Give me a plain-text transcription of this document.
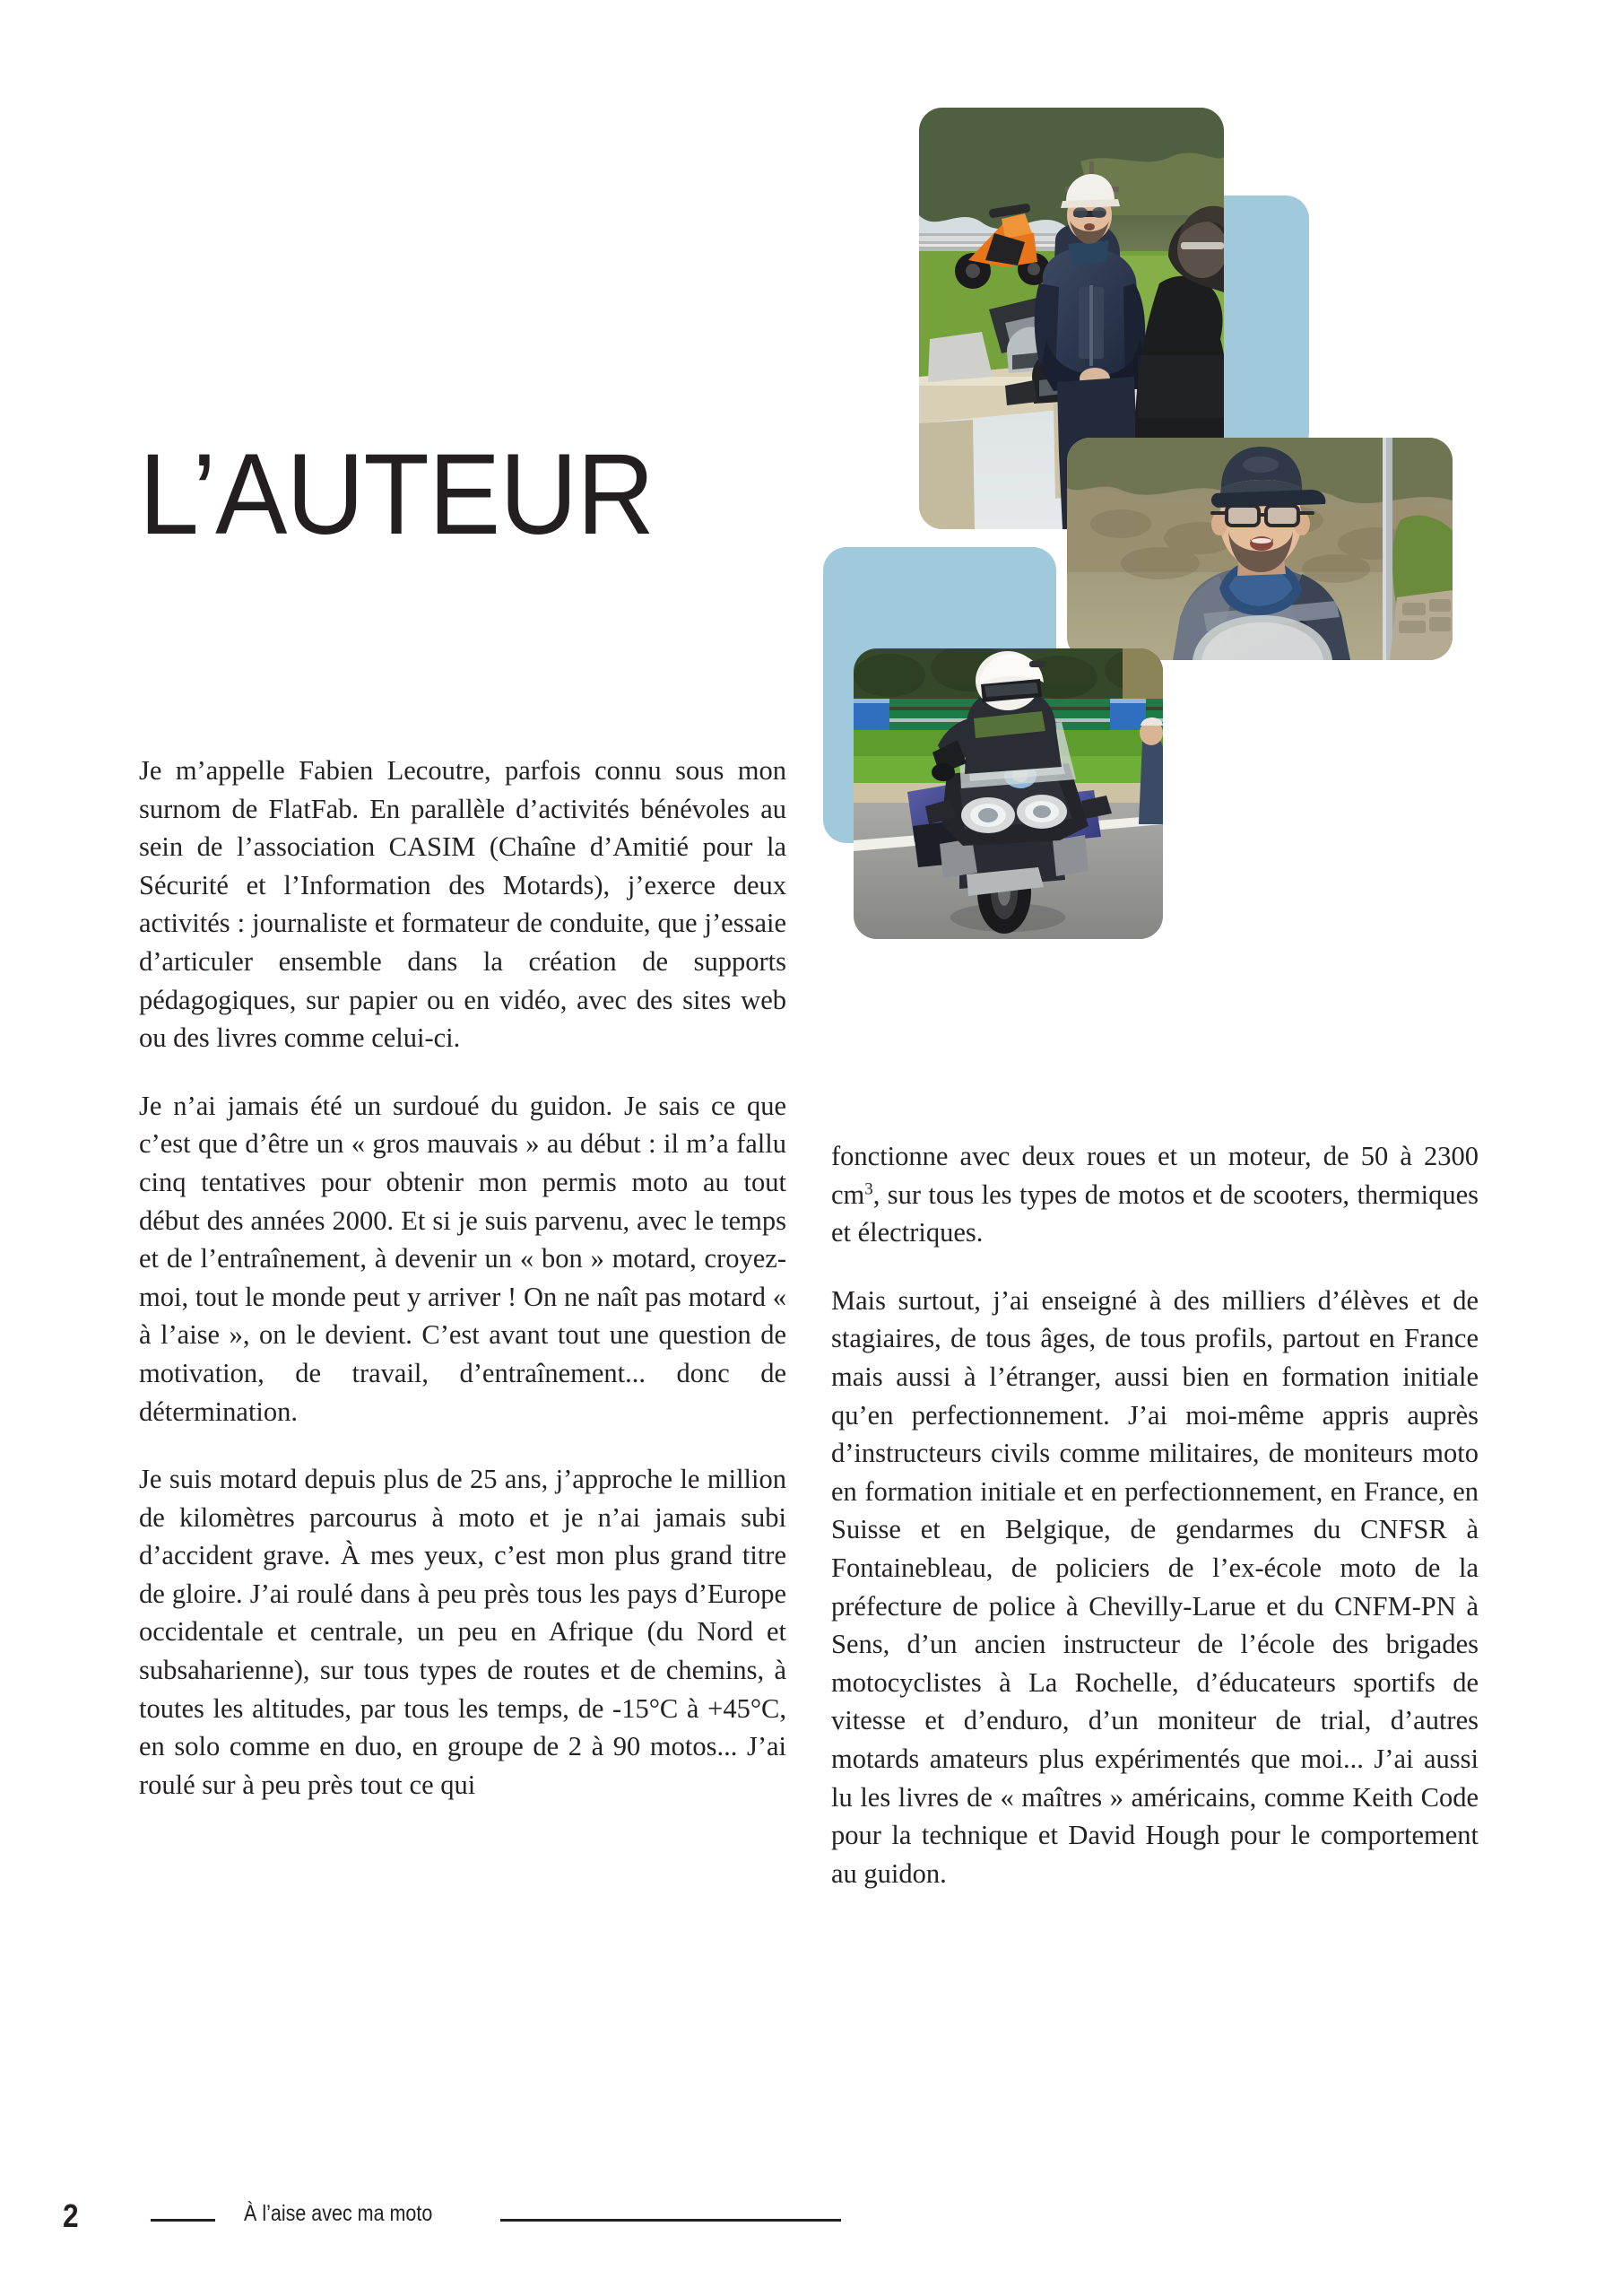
L’AUTEUR

Je m’appelle Fabien Lecoutre, parfois connu sous mon surnom de FlatFab. En parallèle d’activités bénévoles au sein de l’association CASIM (Chaîne d’Amitié pour la Sécurité et l’Information des Motards), j’exerce deux activités : journaliste et formateur de conduite, que j’essaie d’articuler ensemble dans la création de supports pédagogiques, sur papier ou en vidéo, avec des sites web ou des livres comme celui-ci.

Je n’ai jamais été un surdoué du guidon. Je sais ce que c’est que d’être un « gros mauvais » au début : il m’a fallu cinq tentatives pour obtenir mon permis moto au tout début des années 2000. Et si je suis parvenu, avec le temps et de l’entraînement, à devenir un « bon » motard, croyez-moi, tout le monde peut y arriver ! On ne naît pas motard « à l’aise », on le devient. C’est avant tout une question de motivation, de travail, d’entraînement... donc de détermination.

Je suis motard depuis plus de 25 ans, j’approche le million de kilomètres parcourus à moto et je n’ai jamais subi d’accident grave. À mes yeux, c’est mon plus grand titre de gloire. J’ai roulé dans à peu près tous les pays d’Europe occidentale et centrale, un peu en Afrique (du Nord et subsaharienne), sur tous types de routes et de chemins, à toutes les altitudes, par tous les temps, de -15°C à +45°C, en solo comme en duo, en groupe de 2 à 90 motos... J’ai roulé sur à peu près tout ce qui

fonctionne avec deux roues et un moteur, de 50 à 2300 $cm^3$, sur tous les types de motos et de scooters, thermiques et électriques.

Mais surtout, j’ai enseigné à des milliers d’élèves et de stagiaires, de tous âges, de tous profils, partout en France mais aussi à l’étranger, aussi bien en formation initiale qu’en perfectionnement. J’ai moi-même appris auprès d’instructeurs civils comme militaires, de moniteurs moto en formation initiale et en perfectionnement, en France, en Suisse et en Belgique, de gendarmes du CNFSR à Fontainebleau, de policiers de l’ex-école moto de la préfecture de police à Chevilly-Larue et du CNFM-PN à Sens, d’un ancien instructeur de l’école des brigades motocyclistes à La Rochelle, d’éducateurs sportifs de vitesse et d’enduro, d’un moniteur de trial, d’autres motards amateurs plus expérimentés que moi... J’ai aussi lu les livres de « maîtres » américains, comme Keith Code pour la technique et David Hough pour le comportement au guidon.

2	À l’aise avec ma moto
